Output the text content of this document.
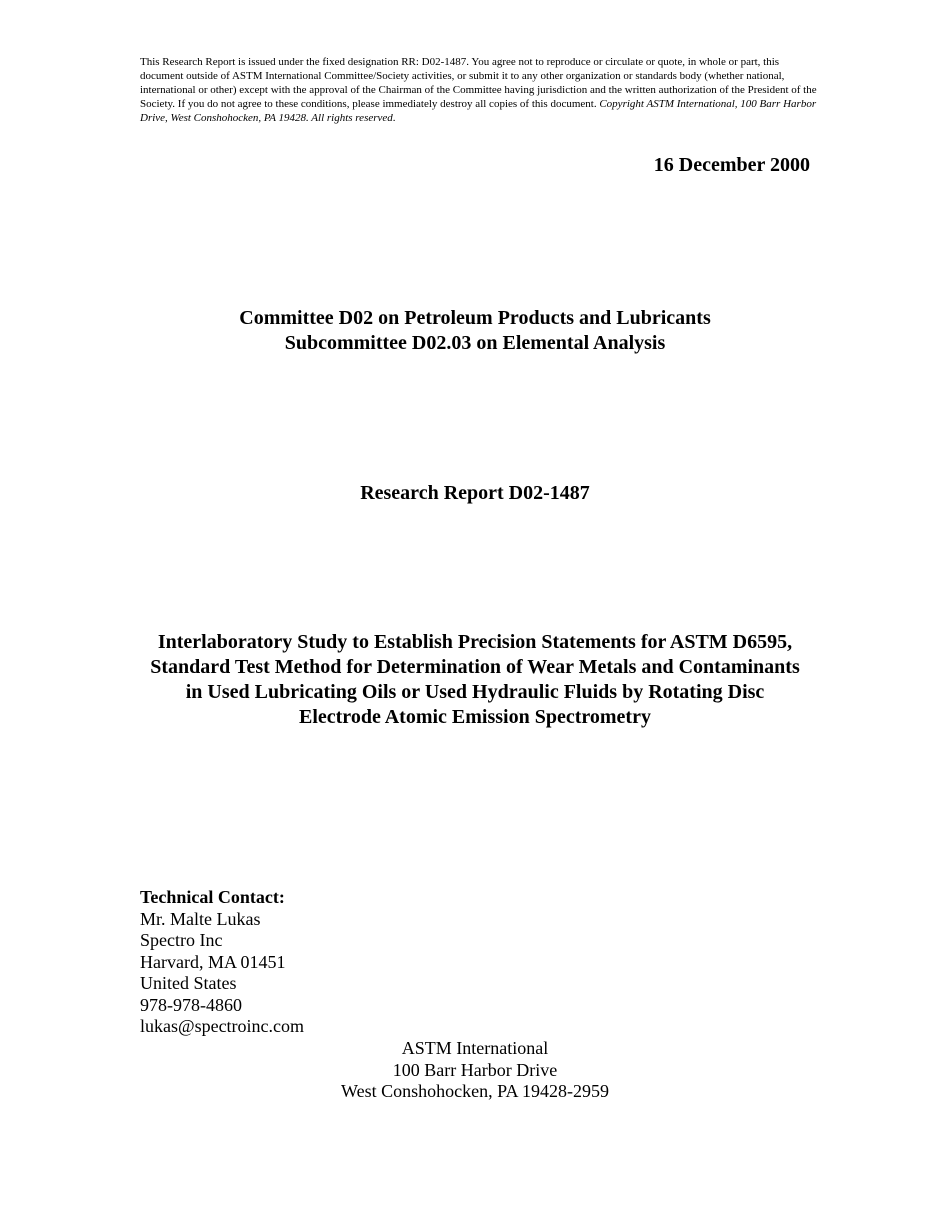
This Research Report is issued under the fixed designation RR: D02-1487. You agree not to reproduce or circulate or quote, in whole or part, this document outside of ASTM International Committee/Society activities, or submit it to any other organization or standards body (whether national, international or other) except with the approval of the Chairman of the Committee having jurisdiction and the written authorization of the President of the Society. If you do not agree to these conditions, please immediately destroy all copies of this document. Copyright ASTM International, 100 Barr Harbor Drive, West Conshohocken, PA 19428. All rights reserved.

16 December 2000

Committee D02 on Petroleum Products and Lubricants
Subcommittee D02.03 on Elemental Analysis

Research Report D02-1487

Interlaboratory Study to Establish Precision Statements for ASTM D6595, Standard Test Method for Determination of Wear Metals and Contaminants in Used Lubricating Oils or Used Hydraulic Fluids by Rotating Disc Electrode Atomic Emission Spectrometry

Technical Contact:
Mr. Malte Lukas
Spectro Inc
Harvard, MA 01451
United States
978-978-4860
lukas@spectroinc.com
ASTM International
100 Barr Harbor Drive
West Conshohocken, PA 19428-2959
